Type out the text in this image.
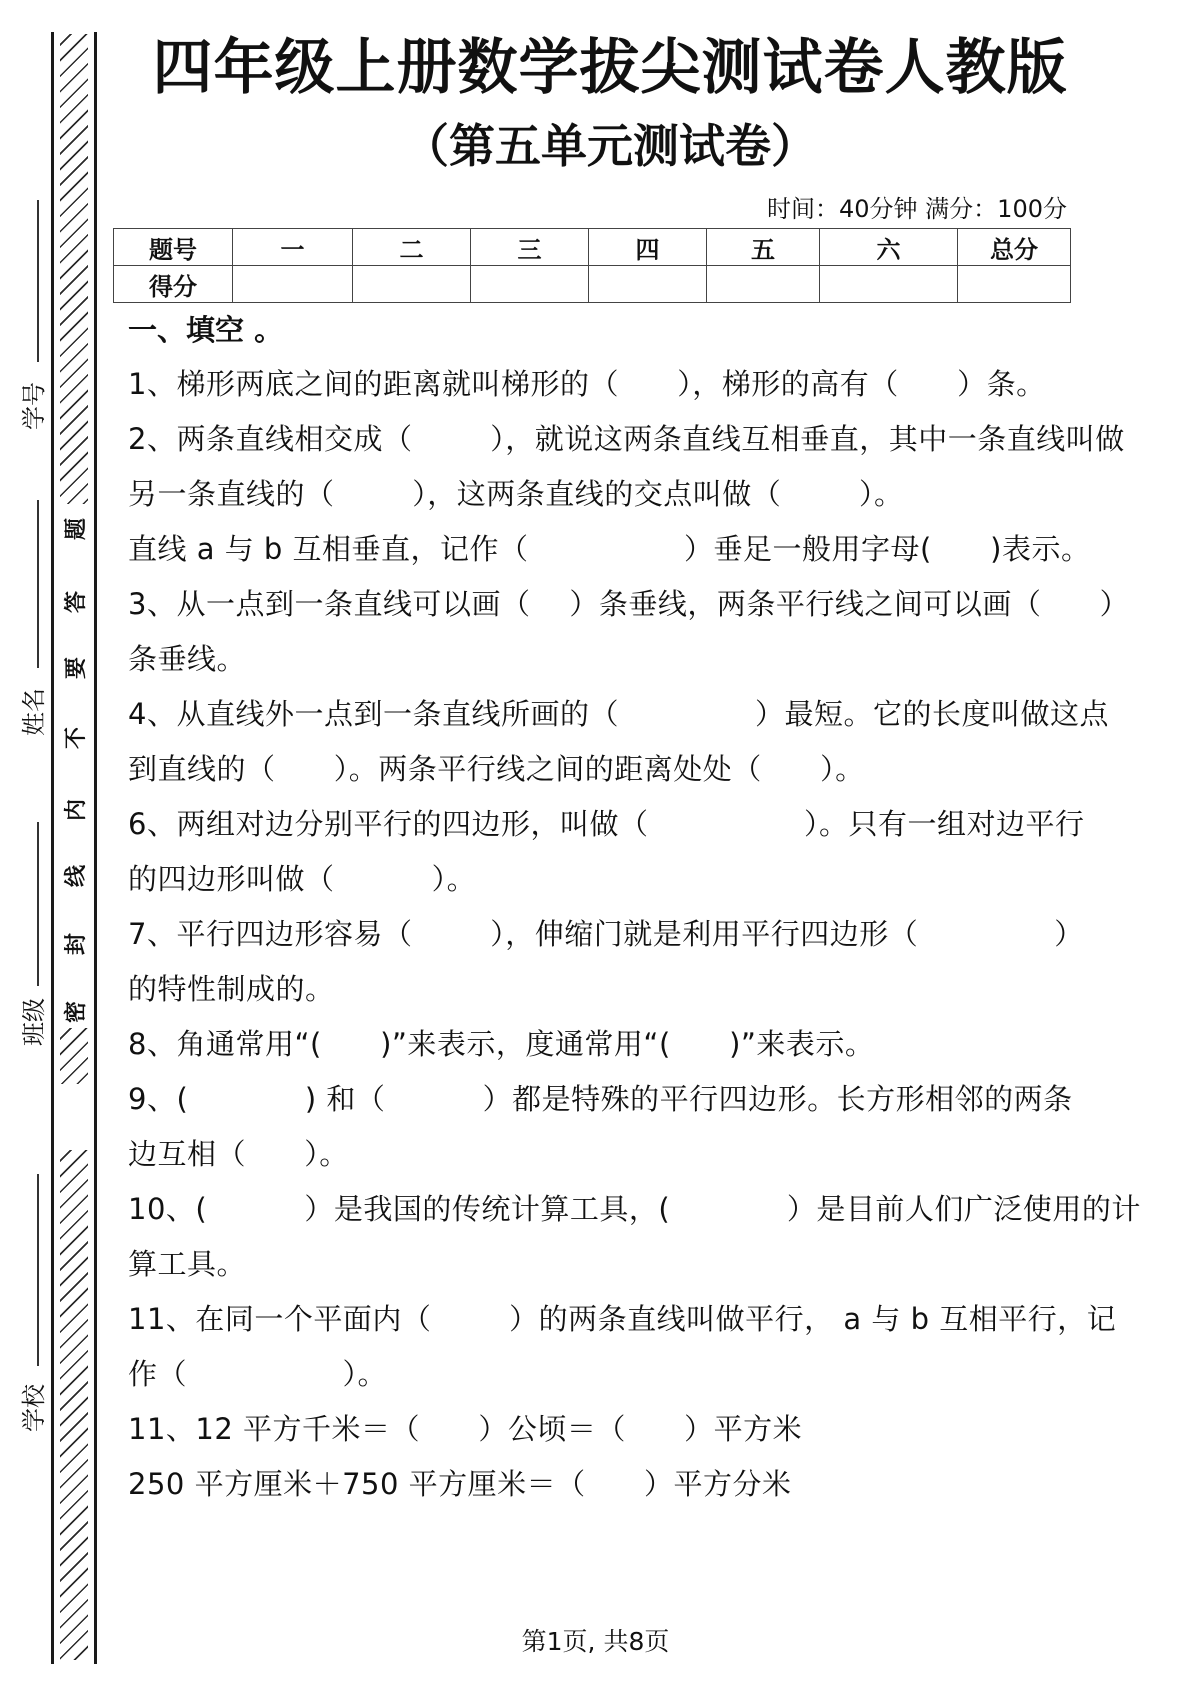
题
答
要
不
内
线
封
密
学号
姓名
班级
学校
四年级上册数学拔尖测试卷人教版
（第五单元测试卷）
时间：40分钟 满分：100分
题号	一	二	三	四	五	六	总分
得分							
一、填空 。
1、梯形两底之间的距离就叫梯形的（      ），梯形的高有（      ）条。
2、两条直线相交成（        ），就说这两条直线互相垂直，其中一条直线叫做
另一条直线的（        ），这两条直线的交点叫做（        ）。
直线 a 与 b 互相垂直，记作（                ）垂足一般用字母(      )表示。
3、从一点到一条直线可以画（    ）条垂线，两条平行线之间可以画（      ）
条垂线。
4、从直线外一点到一条直线所画的（              ）最短。它的长度叫做这点
到直线的（      ）。两条平行线之间的距离处处（      ）。
6、两组对边分别平行的四边形，叫做（                ）。只有一组对边平行
的四边形叫做（          ）。
7、平行四边形容易（        ），伸缩门就是利用平行四边形（              ）
的特性制成的。
8、角通常用“(      )”来表示，度通常用“(      )”来表示。
9、(            ) 和（          ）都是特殊的平行四边形。长方形相邻的两条
边互相（      ）。
10、(          ）是我国的传统计算工具，(            ）是目前人们广泛使用的计
算工具。
11、在同一个平面内（        ）的两条直线叫做平行， a 与 b 互相平行，记
作（                ）。
11、12 平方千米＝（      ）公顷＝（      ）平方米
250 平方厘米＋750 平方厘米＝（      ）平方分米
第1页, 共8页
